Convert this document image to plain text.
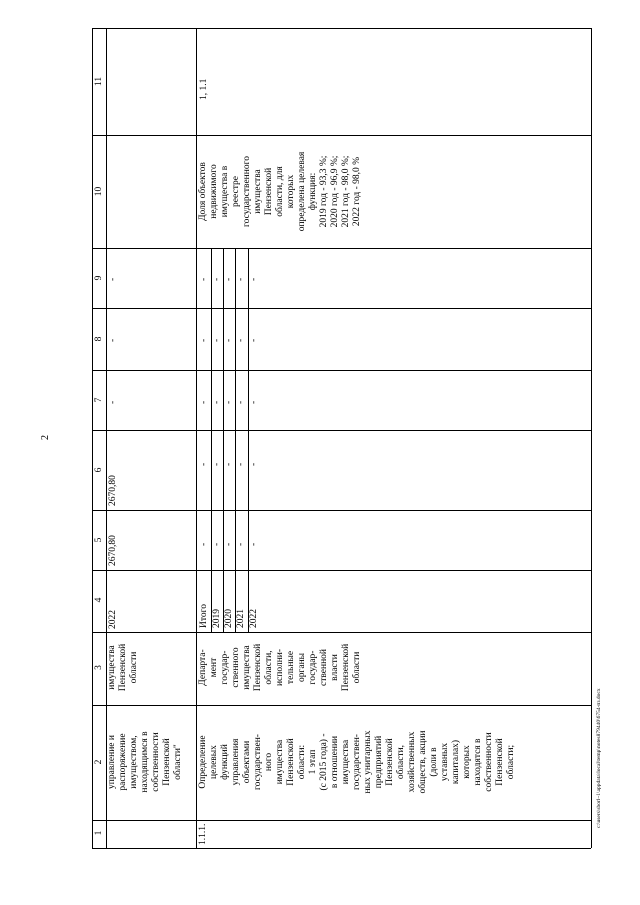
2
1
2
3
4
5
6
7
8
9
10
11
управление и распоряжение имуществом, находящимся в собственности Пензенской области"
имущества Пензенской области
2022
2670,80
2670,80
-
-
-
1.1.1.
Определение целевых функций управления объектами государствен- ного имущества Пензенской области: 1 этап (с 2015 года) - в отношении имущества государствен- ных унитарных предприятий Пензенской области, хозяйственных обществ, акции (доли в уставных капиталах) которых находятся в собственности Пензенской области;
Департа- мент государ- ственного имущества Пензенской области, исполни- тельные органы государ- ственной власти Пензенской области
Итого 2019 2020 2021 2022
-
-
-
-
-
-
-
-
-
-
-
-
-
-
-
-
-
-
-
-
-
-
-
-
-
Доля объектов недвижимого имущества в реестре государственного имущества Пензенской области, для которых определена целевая функция: 2019 год - 93,3 %; 2020 год - 96,9 %; 2021 год - 98,0 %; 2022 год - 98,0 %
1, 1.1
c:\users\sborl~1\appdata\local\temp\notes879440\6754-пз.docx
